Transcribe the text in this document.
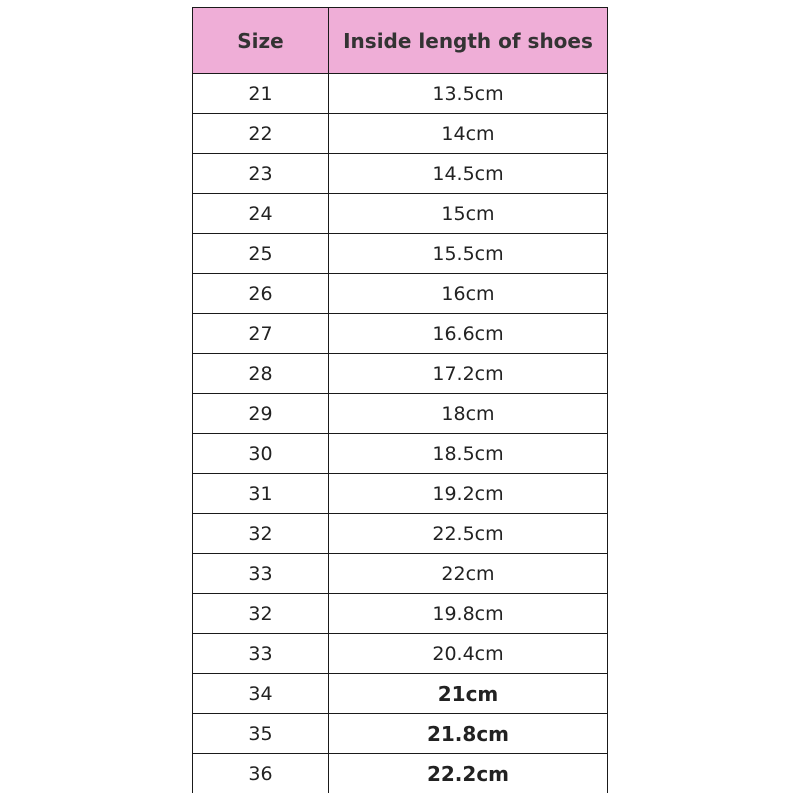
Size	Inside length of shoes
21	13.5cm
22	14cm
23	14.5cm
24	15cm
25	15.5cm
26	16cm
27	16.6cm
28	17.2cm
29	18cm
30	18.5cm
31	19.2cm
32	22.5cm
33	22cm
32	19.8cm
33	20.4cm
34	21cm
35	21.8cm
36	22.2cm
